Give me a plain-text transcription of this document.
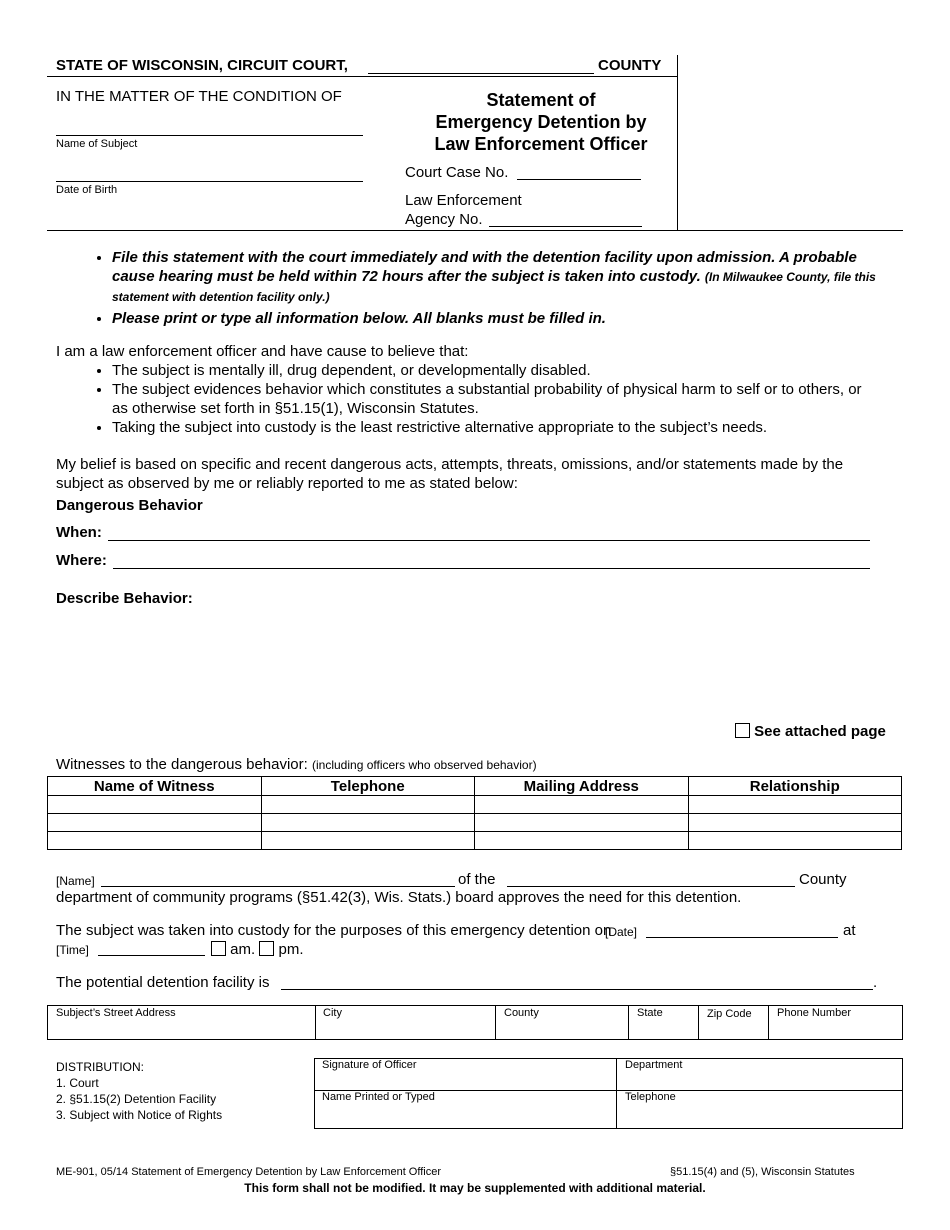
STATE OF WISCONSIN, CIRCUIT COURT,	COUNTY
IN THE MATTER OF THE CONDITION OF
Name of Subject
Date of Birth
Statement of
Emergency Detention by
Law Enforcement Officer
Court Case No.
Law Enforcement
Agency No.
• File this statement with the court immediately and with the detention facility upon admission. A probable cause hearing must be held within 72 hours after the subject is taken into custody. (In Milwaukee County, file this statement with detention facility only.)
• Please print or type all information below. All blanks must be filled in.
I am a law enforcement officer and have cause to believe that:
• The subject is mentally ill, drug dependent, or developmentally disabled.
• The subject evidences behavior which constitutes a substantial probability of physical harm to self or to others, or as otherwise set forth in §51.15(1), Wisconsin Statutes.
• Taking the subject into custody is the least restrictive alternative appropriate to the subject’s needs.
My belief is based on specific and recent dangerous acts, attempts, threats, omissions, and/or statements made by the subject as observed by me or reliably reported to me as stated below:
Dangerous Behavior
When:
Where:
Describe Behavior:
See attached page
Witnesses to the dangerous behavior: (including officers who observed behavior)
Name of Witness	Telephone	Mailing Address	Relationship

[Name]	of the	County
department of community programs (§51.42(3), Wis. Stats.) board approves the need for this detention.
The subject was taken into custody for the purposes of this emergency detention on
[Date]	at
[Time]	am. pm.
The potential detention facility is	.
Subject’s Street Address	City	County	State	Zip Code Phone Number
DISTRIBUTION:
1. Court
2. §51.15(2) Detention Facility
3. Subject with Notice of Rights
Signature of Officer	Department
Name Printed or Typed	Telephone
ME-901, 05/14 Statement of Emergency Detention by Law Enforcement Officer	§51.15(4) and (5), Wisconsin Statutes
This form shall not be modified. It may be supplemented with additional material.
